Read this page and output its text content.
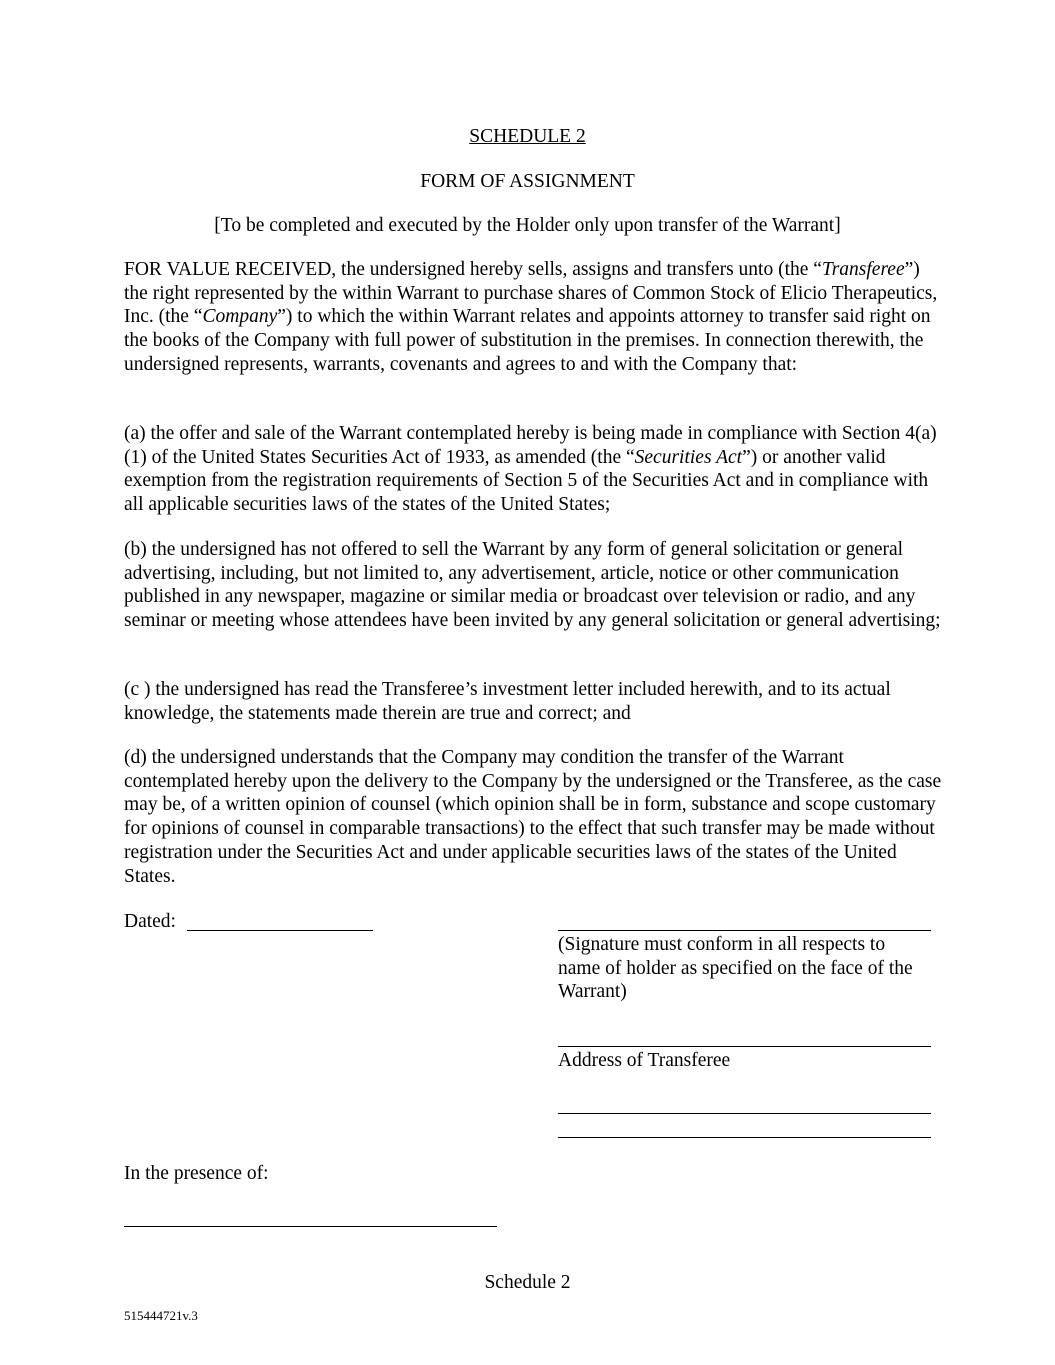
SCHEDULE 2
FORM OF ASSIGNMENT
[To be completed and executed by the Holder only upon transfer of the Warrant]

FOR VALUE RECEIVED, the undersigned hereby sells, assigns and transfers unto (the “Transferee”) the right represented by the within Warrant to purchase shares of Common Stock of Elicio Therapeutics, Inc. (the “Company”) to which the within Warrant relates and appoints attorney to transfer said right on the books of the Company with full power of substitution in the premises. In connection therewith, the undersigned represents, warrants, covenants and agrees to and with the Company that:

(a) the offer and sale of the Warrant contemplated hereby is being made in compliance with Section 4(a)(1) of the United States Securities Act of 1933, as amended (the “Securities Act”) or another valid exemption from the registration requirements of Section 5 of the Securities Act and in compliance with all applicable securities laws of the states of the United States;

(b) the undersigned has not offered to sell the Warrant by any form of general solicitation or general advertising, including, but not limited to, any advertisement, article, notice or other communication published in any newspaper, magazine or similar media or broadcast over television or radio, and any seminar or meeting whose attendees have been invited by any general solicitation or general advertising;

(c ) the undersigned has read the Transferee’s investment letter included herewith, and to its actual knowledge, the statements made therein are true and correct; and

(d) the undersigned understands that the Company may condition the transfer of the Warrant contemplated hereby upon the delivery to the Company by the undersigned or the Transferee, as the case may be, of a written opinion of counsel (which opinion shall be in form, substance and scope customary for opinions of counsel in comparable transactions) to the effect that such transfer may be made without registration under the Securities Act and under applicable securities laws of the states of the United States.

Dated:
(Signature must conform in all respects to name of holder as specified on the face of the Warrant)
Address of Transferee
In the presence of:
Schedule 2
515444721v.3
